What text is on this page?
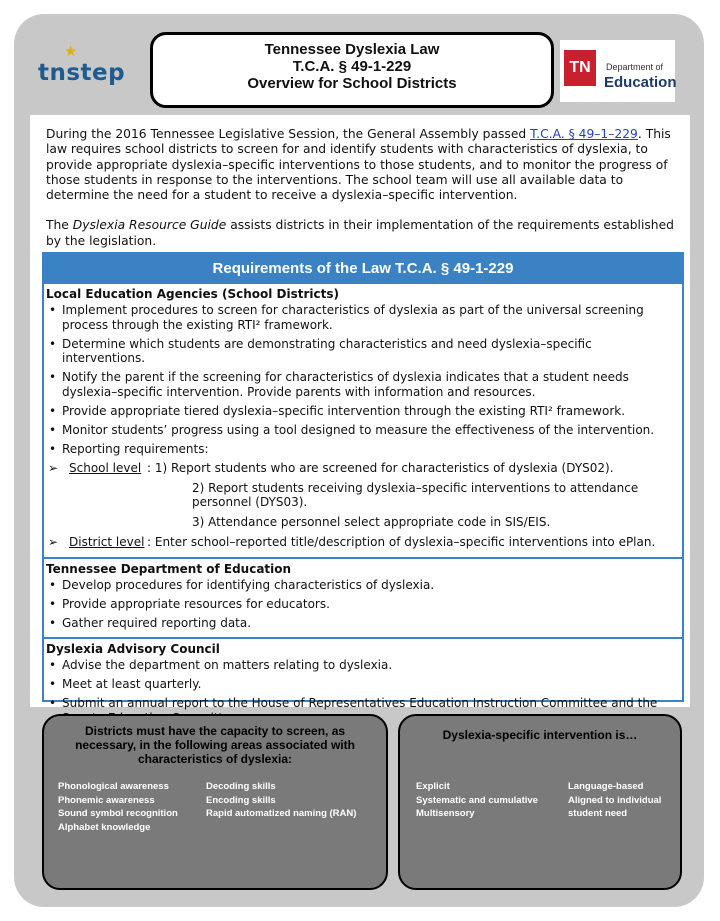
★
tnstep
Tennessee Dyslexia Law
T.C.A. § 49-1-229
Overview for School Districts
TN	Department of
Education

During the 2016 Tennessee Legislative Session, the General Assembly passed T.C.A. § 49–1–229. This law requires school districts to screen for and identify students with characteristics of dyslexia, to provide appropriate dyslexia–specific interventions to those students, and to monitor the progress of those students in response to the interventions. The school team will use all available data to determine the need for a student to receive a dyslexia–specific intervention.

The Dyslexia Resource Guide assists districts in their implementation of the requirements established by the legislation.

Requirements of the Law T.C.A. § 49-1-229
Local Education Agencies (School Districts)
• Implement procedures to screen for characteristics of dyslexia as part of the universal screening process through the existing RTI² framework.
• Determine which students are demonstrating characteristics and need dyslexia–specific interventions.
• Notify the parent if the screening for characteristics of dyslexia indicates that a student needs dyslexia–specific intervention. Provide parents with information and resources.
• Provide appropriate tiered dyslexia–specific intervention through the existing RTI² framework.
• Monitor students’ progress using a tool designed to measure the effectiveness of the intervention.
• Reporting requirements:
➢ School level : 1) Report students who are screened for characteristics of dyslexia (DYS02).
2) Report students receiving dyslexia–specific interventions to attendance personnel (DYS03).
3) Attendance personnel select appropriate code in SIS/EIS.
➢ District level : Enter school–reported title/description of dyslexia–specific interventions into ePlan.
Tennessee Department of Education
• Develop procedures for identifying characteristics of dyslexia.
• Provide appropriate resources for educators.
• Gather required reporting data.
Dyslexia Advisory Council
• Advise the department on matters relating to dyslexia.
• Meet at least quarterly.
• Submit an annual report to the House of Representatives Education Instruction Committee and the
Districts must have the capacity to screen, as necessary, in the following areas associated with characteristics of dyslexia:
Phonological awareness
Phonemic awareness
Sound symbol recognition
Alphabet knowledge
Decoding skills
Encoding skills
Rapid automatized naming (RAN)
Dyslexia-specific intervention is…
Explicit
Systematic and cumulative
Multisensory
Language-based
Aligned to individual
student need
